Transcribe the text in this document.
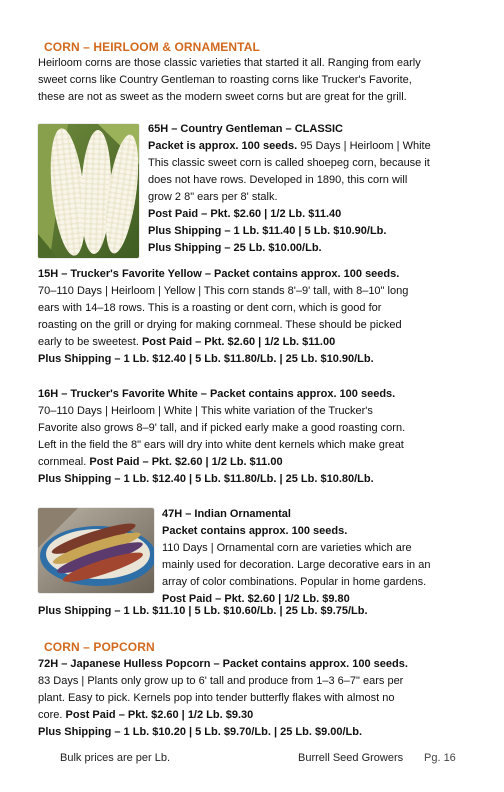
CORN – HEIRLOOM & ORNAMENTAL
Heirloom corns are those classic varieties that started it all. Ranging from early
sweet corns like Country Gentleman to roasting corns like Trucker's Favorite,
these are not as sweet as the modern sweet corns but are great for the grill.
65H – Country Gentleman – CLASSIC
Packet is approx. 100 seeds. 95 Days | Heirloom | White
This classic sweet corn is called shoepeg corn, because it
does not have rows. Developed in 1890, this corn will
grow 2 8" ears per 8' stalk.
Post Paid – Pkt. $2.60 | 1/2 Lb. $11.40
Plus Shipping – 1 Lb. $11.40 | 5 Lb. $10.90/Lb.
Plus Shipping – 25 Lb. $10.00/Lb.
15H – Trucker's Favorite Yellow – Packet contains approx. 100 seeds.
70–110 Days | Heirloom | Yellow | This corn stands 8'–9' tall, with 8–10" long
ears with 14–18 rows. This is a roasting or dent corn, which is good for
roasting on the grill or drying for making cornmeal. These should be picked
early to be sweetest. Post Paid – Pkt. $2.60 | 1/2 Lb. $11.00
Plus Shipping – 1 Lb. $12.40 | 5 Lb. $11.80/Lb. | 25 Lb. $10.90/Lb.
16H – Trucker's Favorite White – Packet contains approx. 100 seeds.
70–110 Days | Heirloom | White | This white variation of the Trucker's
Favorite also grows 8–9' tall, and if picked early make a good roasting corn.
Left in the field the 8" ears will dry into white dent kernels which make great
cornmeal. Post Paid – Pkt. $2.60 | 1/2 Lb. $11.00
Plus Shipping – 1 Lb. $12.40 | 5 Lb. $11.80/Lb. | 25 Lb. $10.80/Lb.
47H – Indian Ornamental
Packet contains approx. 100 seeds.
110 Days | Ornamental corn are varieties which are
mainly used for decoration. Large decorative ears in an
array of color combinations. Popular in home gardens.
Post Paid – Pkt. $2.60 | 1/2 Lb. $9.80
Plus Shipping – 1 Lb. $11.10 | 5 Lb. $10.60/Lb. | 25 Lb. $9.75/Lb.
CORN – POPCORN
72H – Japanese Hulless Popcorn – Packet contains approx. 100 seeds.
83 Days | Plants only grow up to 6' tall and produce from 1–3 6–7" ears per
plant. Easy to pick. Kernels pop into tender butterfly flakes with almost no
core. Post Paid – Pkt. $2.60 | 1/2 Lb. $9.30
Plus Shipping – 1 Lb. $10.20 | 5 Lb. $9.70/Lb. | 25 Lb. $9.00/Lb.
Bulk prices are per Lb.	Burrell Seed Growers Pg. 16
